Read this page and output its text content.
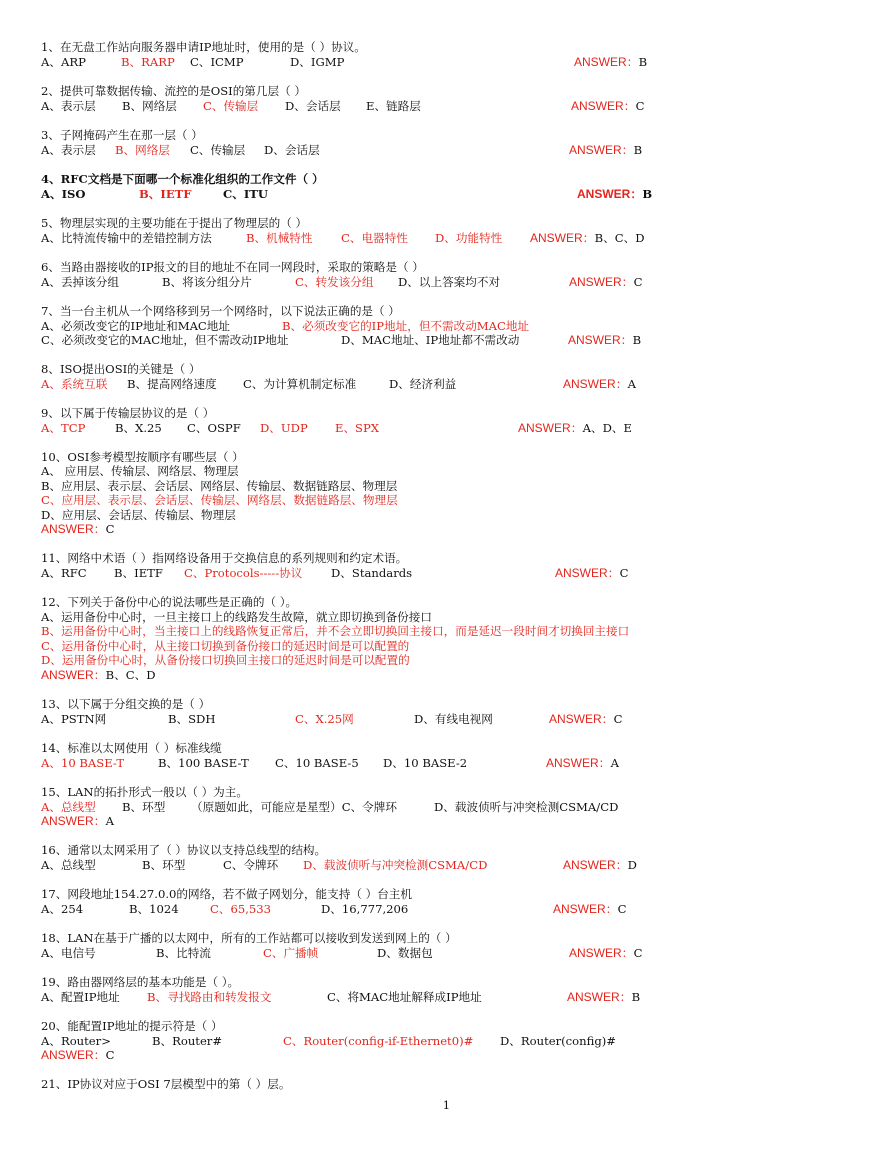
1、在无盘工作站向服务器申请IP地址时，使用的是（ ）协议。
A、ARP	B、RARP C、ICMP	D、IGMP	ANSWER：B
2、提供可靠数据传输、流控的是OSI的第几层（ ）
A、表示层 B、网络层 C、传输层 D、会话层 E、链路层	ANSWER：C
3、子网掩码产生在那一层（ ）
A、表示层 B、网络层 C、传输层 D、会话层	ANSWER：B
4、RFC文档是下面哪一个标准化组织的工作文件（ ）
A、ISO	B、IETF	C、ITU	ANSWER：B
5、物理层实现的主要功能在于提出了物理层的（ ）
A、比特流传输中的差错控制方法	B、机械特性 C、电器特性 D、功能特性 ANSWER：B、C、D
6、当路由器接收的IP报文的目的地址不在同一网段时，采取的策略是（ ）
A、丢掉该分组	B、将该分组分片	C、转发该分组 D、以上答案均不对	ANSWER：C
7、当一台主机从一个网络移到另一个网络时，以下说法正确的是（ ）
A、必须改变它的IP地址和MAC地址	B、必须改变它的IP地址，但不需改动MAC地址
C、必须改变它的MAC地址，但不需改动IP地址	D、MAC地址、IP地址都不需改动	ANSWER：B
8、ISO提出OSI的关键是（ ）
A、系统互联 B、提高网络速度 C、为计算机制定标准	D、经济利益	ANSWER：A
9、以下属于传输层协议的是（ ）
A、TCP	B、X.25 C、OSPF D、UDP E、SPX	ANSWER：A、D、E
10、OSI参考模型按顺序有哪些层（ ）
A、 应用层、传输层、网络层、物理层
B、应用层、表示层、会话层、网络层、传输层、数据链路层、物理层
C、应用层、表示层、会话层、传输层、网络层、数据链路层、物理层
D、应用层、会话层、传输层、物理层
ANSWER：C
11、网络中术语（ ）指网络设备用于交换信息的系列规则和约定术语。
A、RFC B、IETF C、Protocols-----协议 D、Standards	ANSWER：C
12、下列关于备份中心的说法哪些是正确的（ ）。
A、运用备份中心时，一旦主接口上的线路发生故障，就立即切换到备份接口
B、运用备份中心时，当主接口上的线路恢复正常后，并不会立即切换回主接口，而是延迟一段时间才切换回主接口
C、运用备份中心时，从主接口切换到备份接口的延迟时间是可以配置的
D、运用备份中心时，从备份接口切换回主接口的延迟时间是可以配置的
ANSWER：B、C、D
13、以下属于分组交换的是（ ）
A、PSTN网	B、SDH	C、X.25网	D、有线电视网	ANSWER：C
14、标准以太网使用（ ）标准线缆
A、10 BASE-T	B、100 BASE-T C、10 BASE-5 D、10 BASE-2	ANSWER：A
15、LAN的拓扑形式一般以（ ）为主。
A、总线型 B、环型 （原题如此，可能应是星型）C、令牌环	D、载波侦听与冲突检测CSMA/CD
ANSWER：A
16、通常以太网采用了（ ）协议以支持总线型的结构。
A、总线型	B、环型	C、令牌环 D、载波侦听与冲突检测CSMA/CD	ANSWER：D
17、网段地址154.27.0.0的网络，若不做子网划分，能支持（ ）台主机
A、254	B、1024	C、65,533	D、16,777,206	ANSWER：C
18、LAN在基于广播的以太网中，所有的工作站都可以接收到发送到网上的（ ）
A、电信号	B、比特流	C、广播帧	D、数据包	ANSWER：C
19、路由器网络层的基本功能是（ ）。
A、配置IP地址 B、寻找路由和转发报文	C、将MAC地址解释成IP地址	ANSWER：B
20、能配置IP地址的提示符是（ ）
A、Router>	B、Router#	C、Router(config-if-Ethernet0)# D、Router(config)#
ANSWER：C
21、IP协议对应于OSI 7层模型中的第（ ）层。
1
